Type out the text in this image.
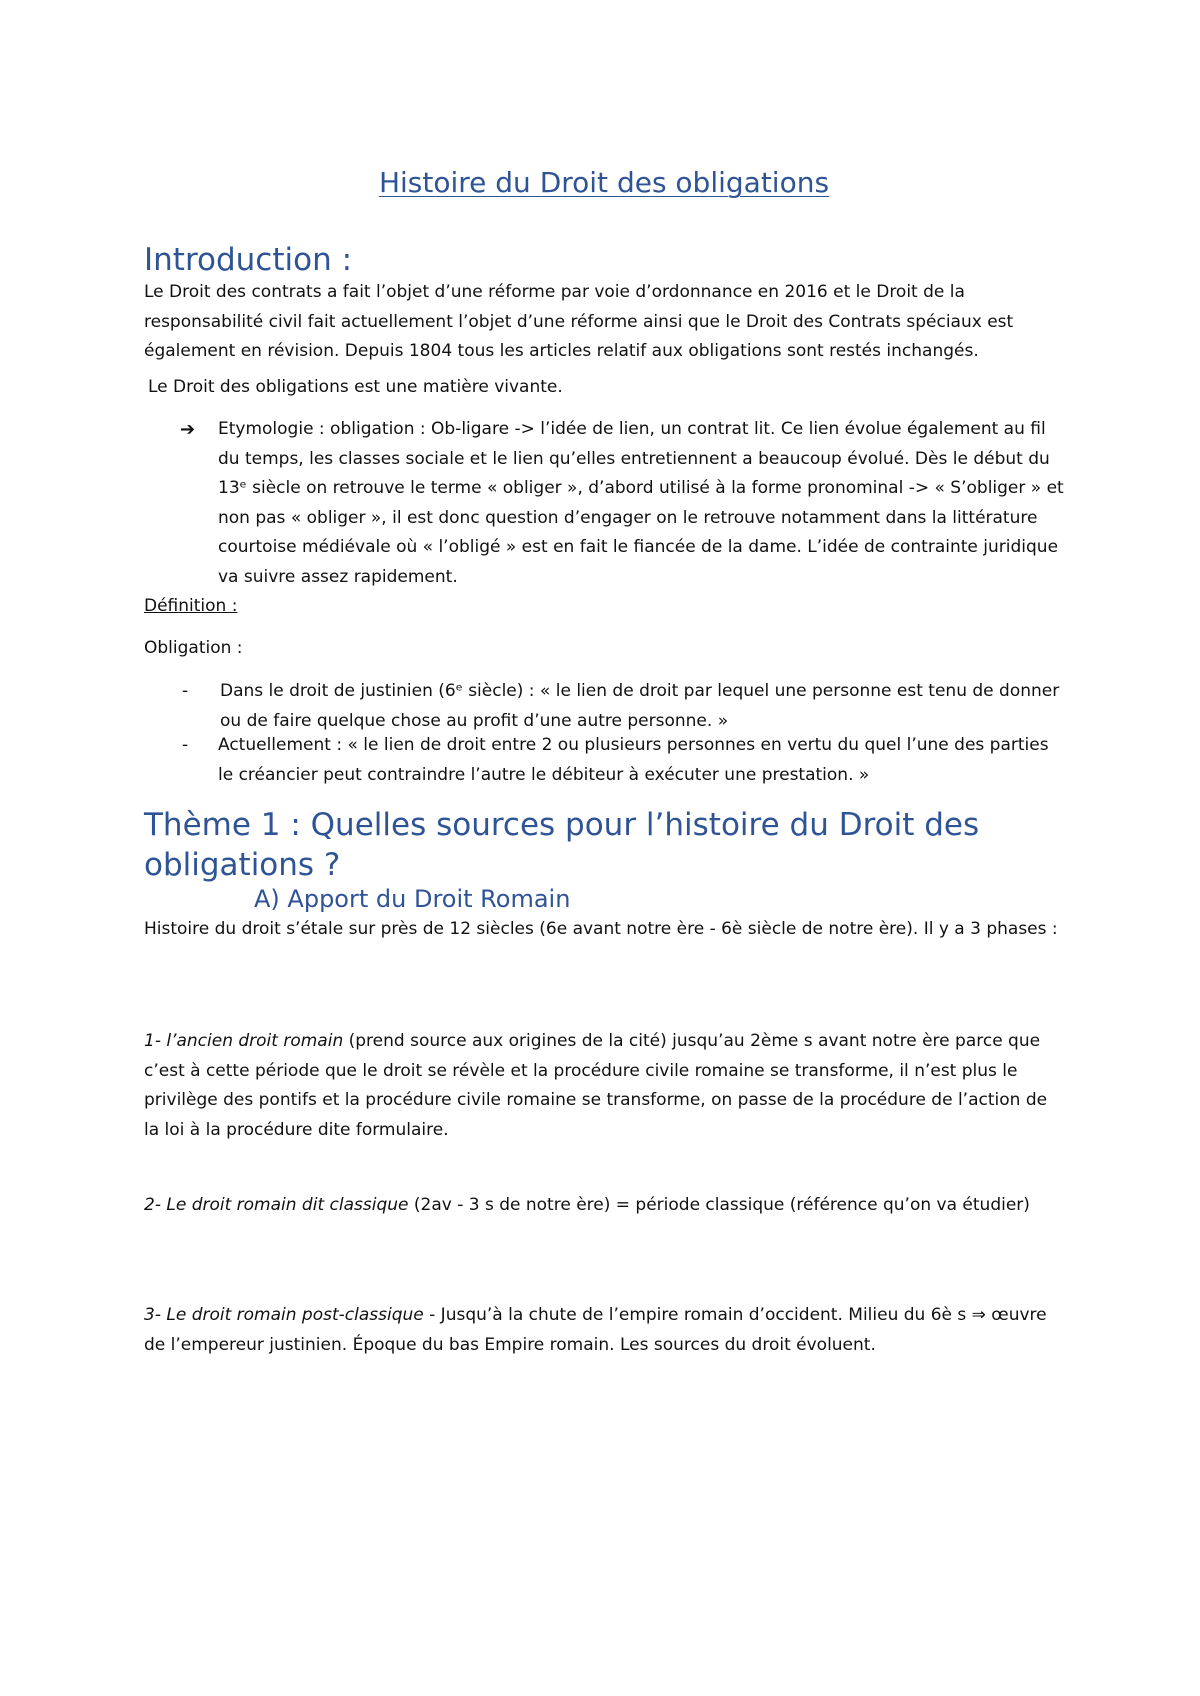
Histoire du Droit des obligations
Introduction :

Le Droit des contrats a fait l’objet d’une réforme par voie d’ordonnance en 2016 et le Droit de la responsabilité civil fait actuellement l’objet d’une réforme ainsi que le Droit des Contrats spéciaux est également en révision. Depuis 1804 tous les articles relatif aux obligations sont restés inchangés.

Le Droit des obligations est une matière vivante.

➔ Etymologie : obligation : Ob-ligare -> l’idée de lien, un contrat lit. Ce lien évolue également au fil du temps, les classes sociale et le lien qu’elles entretiennent a beaucoup évolué. Dès le début du 13ᵉ siècle on retrouve le terme « obliger », d’abord utilisé à la forme pronominal -> « S’obliger » et non pas « obliger », il est donc question d’engager on le retrouve notamment dans la littérature courtoise médiévale où « l’obligé » est en fait le fiancée de la dame. L’idée de contrainte juridique va suivre assez rapidement.

Définition :

Obligation :

- Dans le droit de justinien (6ᵉ siècle) : « le lien de droit par lequel une personne est tenu de donner ou de faire quelque chose au profit d’une autre personne. »

- Actuellement : « le lien de droit entre 2 ou plusieurs personnes en vertu du quel l’une des parties le créancier peut contraindre l’autre le débiteur à exécuter une prestation. »

Thème 1 : Quelles sources pour l’histoire du Droit des obligations ?
A) Apport du Droit Romain

Histoire du droit s’étale sur près de 12 siècles (6e avant notre ère - 6è siècle de notre ère). Il y a 3 phases :

1- l’ancien droit romain (prend source aux origines de la cité) jusqu’au 2ème s avant notre ère parce que c’est à cette période que le droit se révèle et la procédure civile romaine se transforme, il n’est plus le privilège des pontifs et la procédure civile romaine se transforme, on passe de la procédure de l’action de la loi à la procédure dite formulaire.

2- Le droit romain dit classique (2av - 3 s de notre ère) = période classique (référence qu’on va étudier)

3- Le droit romain post-classique - Jusqu’à la chute de l’empire romain d’occident. Milieu du 6è s ⇒ œuvre de l’empereur justinien. Époque du bas Empire romain. Les sources du droit évoluent.
